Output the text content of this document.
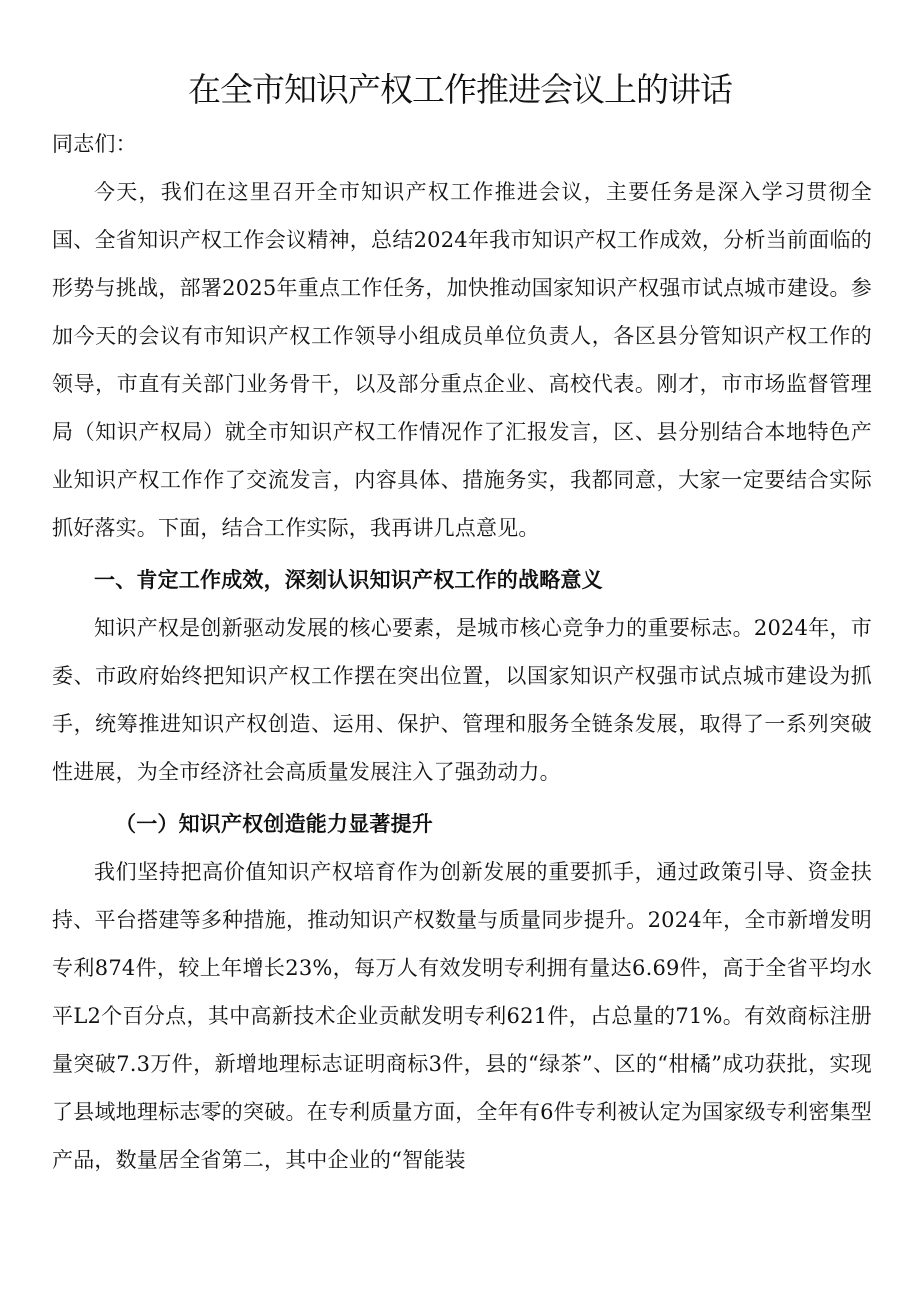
在全市知识产权工作推进会议上的讲话

同志们：

今天，我们在这里召开全市知识产权工作推进会议，主要任务是深入学习贯彻全国、全省知识产权工作会议精神，总结2024年我市知识产权工作成效，分析当前面临的形势与挑战，部署2025年重点工作任务，加快推动国家知识产权强市试点城市建设。参加今天的会议有市知识产权工作领导小组成员单位负责人，各区县分管知识产权工作的领导，市直有关部门业务骨干，以及部分重点企业、高校代表。刚才，市市场监督管理局（知识产权局）就全市知识产权工作情况作了汇报发言，区、县分别结合本地特色产业知识产权工作作了交流发言，内容具体、措施务实，我都同意，大家一定要结合实际抓好落实。下面，结合工作实际，我再讲几点意见。

一、肯定工作成效，深刻认识知识产权工作的战略意义

知识产权是创新驱动发展的核心要素，是城市核心竞争力的重要标志。2024年，市委、市政府始终把知识产权工作摆在突出位置，以国家知识产权强市试点城市建设为抓手，统筹推进知识产权创造、运用、保护、管理和服务全链条发展，取得了一系列突破性进展，为全市经济社会高质量发展注入了强劲动力。

（一）知识产权创造能力显著提升

我们坚持把高价值知识产权培育作为创新发展的重要抓手，通过政策引导、资金扶持、平台搭建等多种措施，推动知识产权数量与质量同步提升。2024年，全市新增发明专利874件，较上年增长23%，每万人有效发明专利拥有量达6.69件，高于全省平均水平L2个百分点，其中高新技术企业贡献发明专利621件，占总量的71%。有效商标注册量突破7.3万件，新增地理标志证明商标3件，县的“绿茶”、区的“柑橘”成功获批，实现了县域地理标志零的突破。在专利质量方面，全年有6件专利被认定为国家级专利密集型产品，数量居全省第二，其中企业的“智能装
